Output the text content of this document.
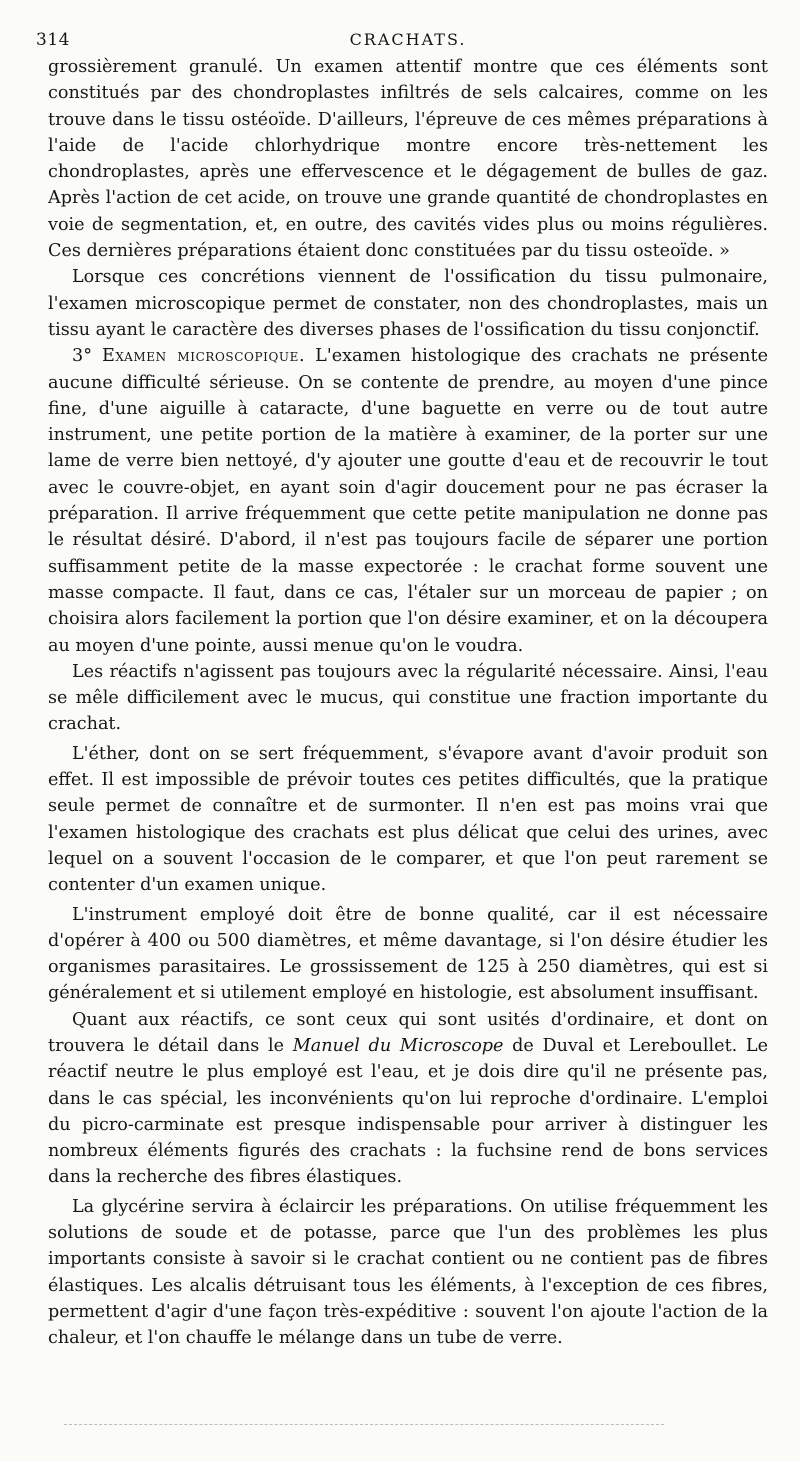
314	CRACHATS.

grossièrement granulé. Un examen attentif montre que ces éléments sont constitués par des chondroplastes infiltrés de sels calcaires, comme on les trouve dans le tissu ostéoïde. D'ailleurs, l'épreuve de ces mêmes préparations à l'aide de l'acide chlorhydrique montre encore très-nettement les chondroplastes, après une effervescence et le dégagement de bulles de gaz. Après l'action de cet acide, on trouve une grande quantité de chondroplastes en voie de segmentation, et, en outre, des cavités vides plus ou moins régulières. Ces dernières préparations étaient donc constituées par du tissu osteoïde. »

Lorsque ces concrétions viennent de l'ossification du tissu pulmonaire, l'examen microscopique permet de constater, non des chondroplastes, mais un tissu ayant le caractère des diverses phases de l'ossification du tissu conjonctif.

3° Examen microscopique. L'examen histologique des crachats ne présente aucune difficulté sérieuse. On se contente de prendre, au moyen d'une pince fine, d'une aiguille à cataracte, d'une baguette en verre ou de tout autre instrument, une petite portion de la matière à examiner, de la porter sur une lame de verre bien nettoyé, d'y ajouter une goutte d'eau et de recouvrir le tout avec le couvre-objet, en ayant soin d'agir doucement pour ne pas écraser la préparation. Il arrive fréquemment que cette petite manipulation ne donne pas le résultat désiré. D'abord, il n'est pas toujours facile de séparer une portion suffisamment petite de la masse expectorée : le crachat forme souvent une masse compacte. Il faut, dans ce cas, l'étaler sur un morceau de papier ; on choisira alors facilement la portion que l'on désire examiner, et on la découpera au moyen d'une pointe, aussi menue qu'on le voudra.

Les réactifs n'agissent pas toujours avec la régularité nécessaire. Ainsi, l'eau se mêle difficilement avec le mucus, qui constitue une fraction importante du crachat.

L'éther, dont on se sert fréquemment, s'évapore avant d'avoir produit son effet. Il est impossible de prévoir toutes ces petites difficultés, que la pratique seule permet de connaître et de surmonter. Il n'en est pas moins vrai que l'examen histologique des crachats est plus délicat que celui des urines, avec lequel on a souvent l'occasion de le comparer, et que l'on peut rarement se contenter d'un examen unique.

L'instrument employé doit être de bonne qualité, car il est nécessaire d'opérer à 400 ou 500 diamètres, et même davantage, si l'on désire étudier les organismes parasitaires. Le grossissement de 125 à 250 diamètres, qui est si généralement et si utilement employé en histologie, est absolument insuffisant.

Quant aux réactifs, ce sont ceux qui sont usités d'ordinaire, et dont on trouvera le détail dans le Manuel du Microscope de Duval et Lereboullet. Le réactif neutre le plus employé est l'eau, et je dois dire qu'il ne présente pas, dans le cas spécial, les inconvénients qu'on lui reproche d'ordinaire. L'emploi du picro-carminate est presque indispensable pour arriver à distinguer les nombreux éléments figurés des crachats : la fuchsine rend de bons services dans la recherche des fibres élastiques.

La glycérine servira à éclaircir les préparations. On utilise fréquemment les solutions de soude et de potasse, parce que l'un des problèmes les plus importants consiste à savoir si le crachat contient ou ne contient pas de fibres élastiques. Les alcalis détruisant tous les éléments, à l'exception de ces fibres, permettent d'agir d'une façon très-expéditive : souvent l'on ajoute l'action de la chaleur, et l'on chauffe le mélange dans un tube de verre.
